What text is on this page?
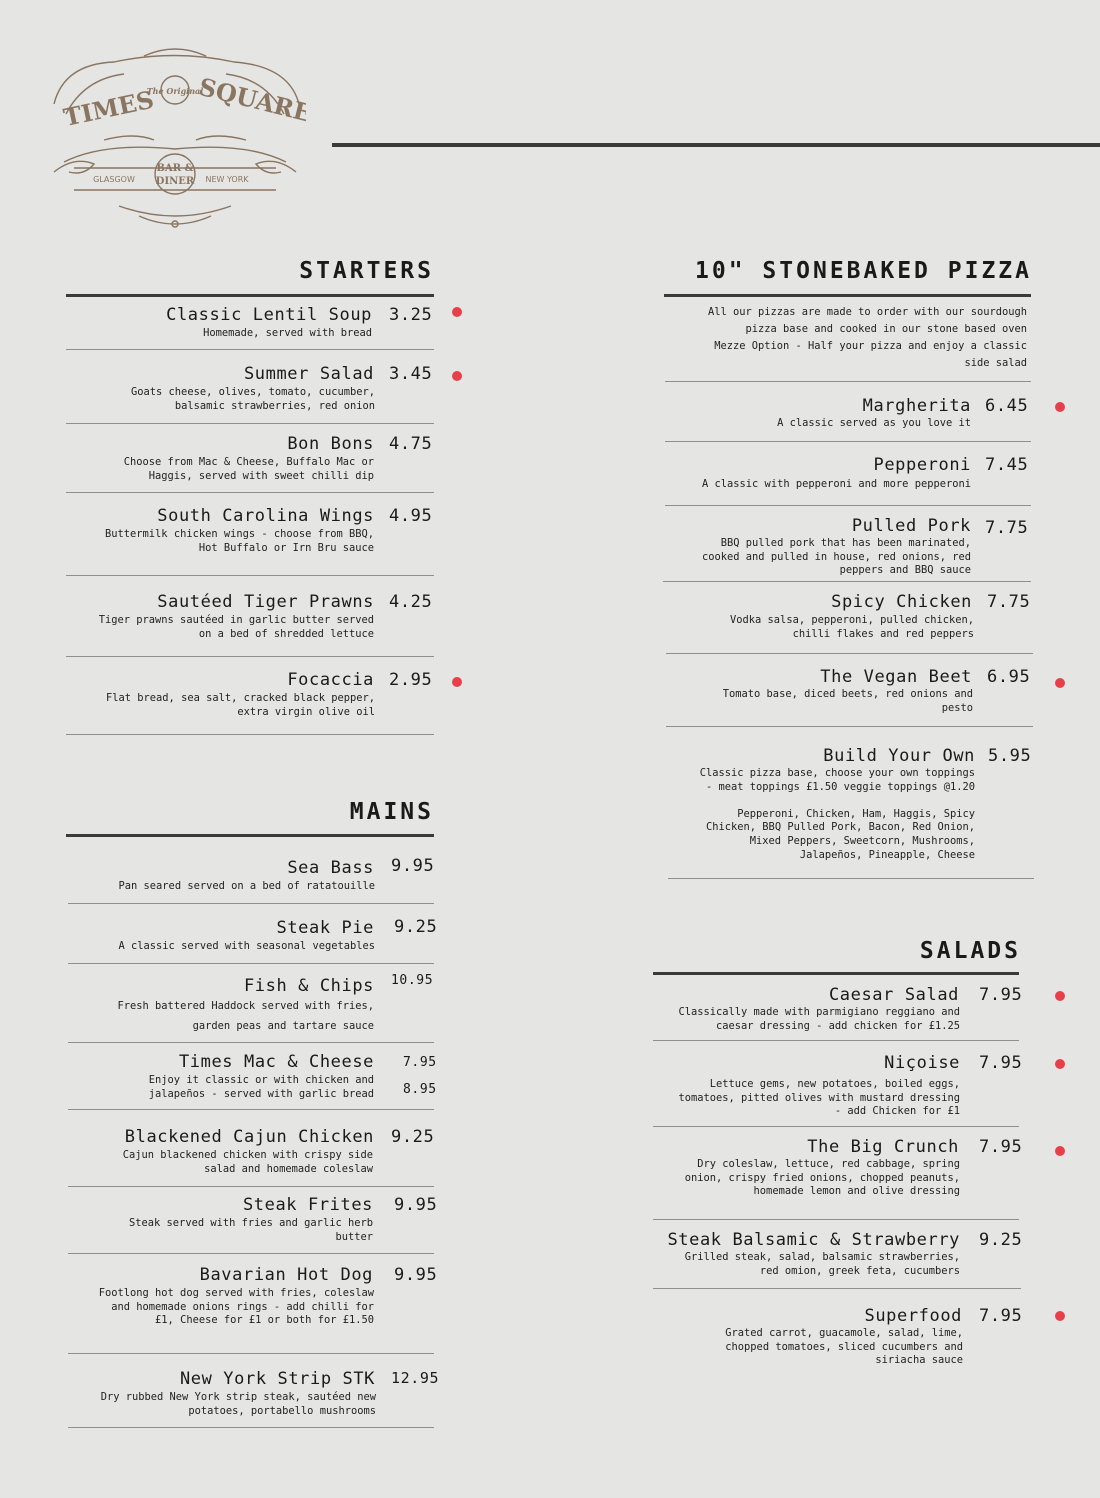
TIMES SQUARE
The Original
BAR &
DINER
GLASGOW	NEW YORK
STARTERS
Classic Lentil Soup 3.25
Homemade, served with bread
Summer Salad 3.45
Goats cheese, olives, tomato, cucumber,
balsamic strawberries, red onion
Bon Bons 4.75
Choose from Mac & Cheese, Buffalo Mac or
Haggis, served with sweet chilli dip
South Carolina Wings 4.95
Buttermilk chicken wings - choose from BBQ,
Hot Buffalo or Irn Bru sauce
Sautéed Tiger Prawns 4.25
Tiger prawns sautéed in garlic butter served
on a bed of shredded lettuce
Focaccia 2.95
Flat bread, sea salt, cracked black pepper,
extra virgin olive oil
MAINS
Sea Bass 9.95
Pan seared served on a bed of ratatouille
Steak Pie 9.25
A classic served with seasonal vegetables
Fish & Chips 10.95
Fresh battered Haddock served with fries,

garden peas and tartare sauce
Times Mac & Cheese 7.95
8.95
Enjoy it classic or with chicken and
jalapeños - served with garlic bread
Blackened Cajun Chicken 9.25
Cajun blackened chicken with crispy side
salad and homemade coleslaw
Steak Frites 9.95
Steak served with fries and garlic herb
butter
Bavarian Hot Dog 9.95
Footlong hot dog served with fries, coleslaw
and homemade onions rings - add chilli for
£1, Cheese for £1 or both for £1.50
New York Strip STK 12.95
Dry rubbed New York strip steak, sautéed new
potatoes, portabello mushrooms
10" STONEBAKED PIZZA
All our pizzas are made to order with our sourdough
pizza base and cooked in our stone based oven
Mezze Option - Half your pizza and enjoy a classic
side salad
Margherita 6.45
A classic served as you love it
Pepperoni 7.45
A classic with pepperoni and more pepperoni
Pulled Pork 7.75
BBQ pulled pork that has been marinated,
cooked and pulled in house, red onions, red
peppers and BBQ sauce
Spicy Chicken 7.75
Vodka salsa, pepperoni, pulled chicken,
chilli flakes and red peppers
The Vegan Beet 6.95
Tomato base, diced beets, red onions and
pesto
Build Your Own 5.95
Classic pizza base, choose your own toppings
- meat toppings £1.50 veggie toppings @1.20

Pepperoni, Chicken, Ham, Haggis, Spicy
Chicken, BBQ Pulled Pork, Bacon, Red Onion,
Mixed Peppers, Sweetcorn, Mushrooms,
Jalapeños, Pineapple, Cheese
SALADS
Caesar Salad 7.95
Classically made with parmigiano reggiano and
caesar dressing - add chicken for £1.25
Niçoise 7.95
Lettuce gems, new potatoes, boiled eggs,
tomatoes, pitted olives with mustard dressing
- add Chicken for £1
The Big Crunch 7.95
Dry coleslaw, lettuce, red cabbage, spring
onion, crispy fried onions, chopped peanuts,
homemade lemon and olive dressing
Steak Balsamic & Strawberry 9.25
Grilled steak, salad, balsamic strawberries,
red omion, greek feta, cucumbers
Superfood 7.95
Grated carrot, guacamole, salad, lime,
chopped tomatoes, sliced cucumbers and
siriacha sauce
